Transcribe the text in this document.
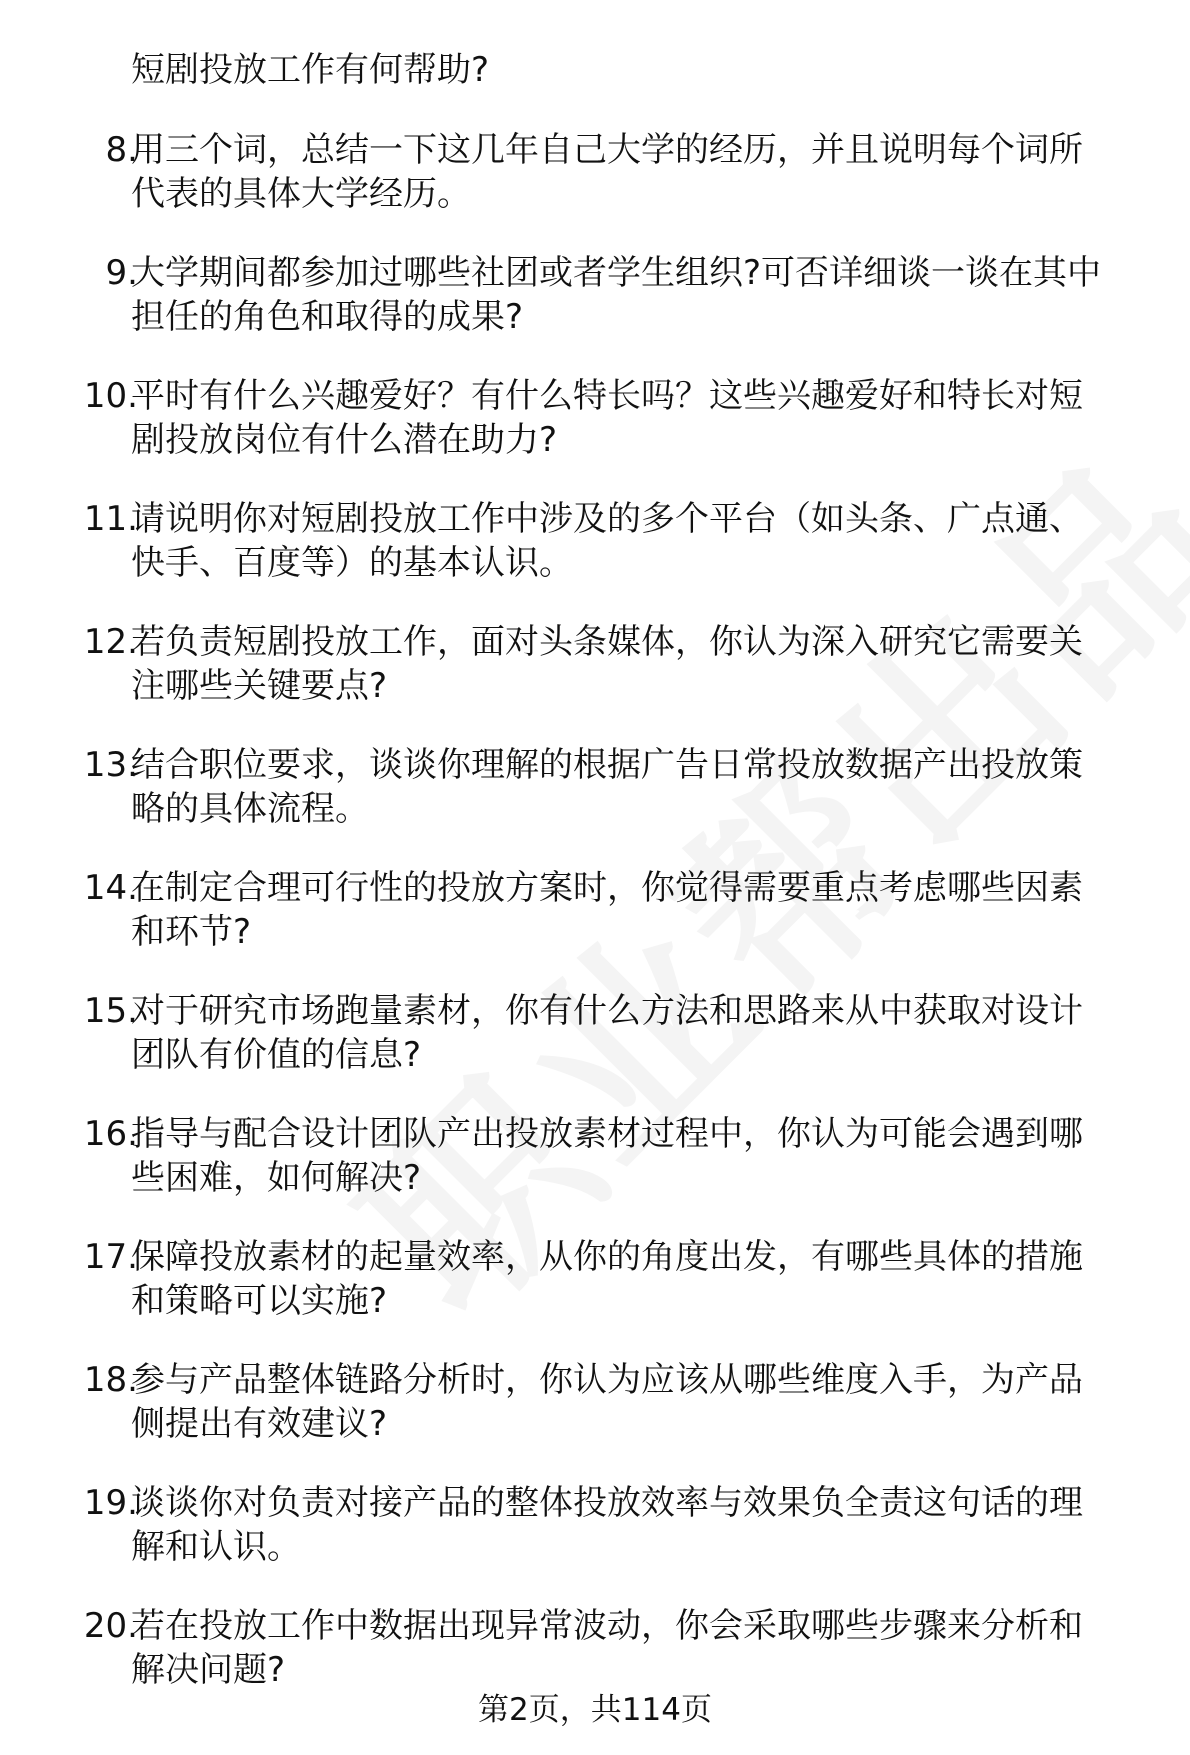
短剧投放工作有何帮助?

8.
用三个词，总结一下这几年自己大学的经历，并且说明每个词所
代表的具体大学经历。
9.
大学期间都参加过哪些社团或者学生组织?可否详细谈一谈在其中
担任的角色和取得的成果?
10.
平时有什么兴趣爱好？有什么特长吗？这些兴趣爱好和特长对短
剧投放岗位有什么潜在助力?
11.
请说明你对短剧投放工作中涉及的多个平台（如头条、广点通、
快手、百度等）的基本认识。
12.
若负责短剧投放工作，面对头条媒体，你认为深入研究它需要关
注哪些关键要点?
13.
结合职位要求，谈谈你理解的根据广告日常投放数据产出投放策
略的具体流程。
14.
在制定合理可行性的投放方案时，你觉得需要重点考虑哪些因素
和环节?
15.
对于研究市场跑量素材，你有什么方法和思路来从中获取对设计
团队有价值的信息?
16.
指导与配合设计团队产出投放素材过程中，你认为可能会遇到哪
些困难，如何解决?
17.
保障投放素材的起量效率，从你的角度出发，有哪些具体的措施
和策略可以实施?
18.
参与产品整体链路分析时，你认为应该从哪些维度入手，为产品
侧提出有效建议?
19.
谈谈你对负责对接产品的整体投放效率与效果负全责这句话的理
解和认识。
20.
若在投放工作中数据出现异常波动，你会采取哪些步骤来分析和
解决问题?
第2页，共114页
